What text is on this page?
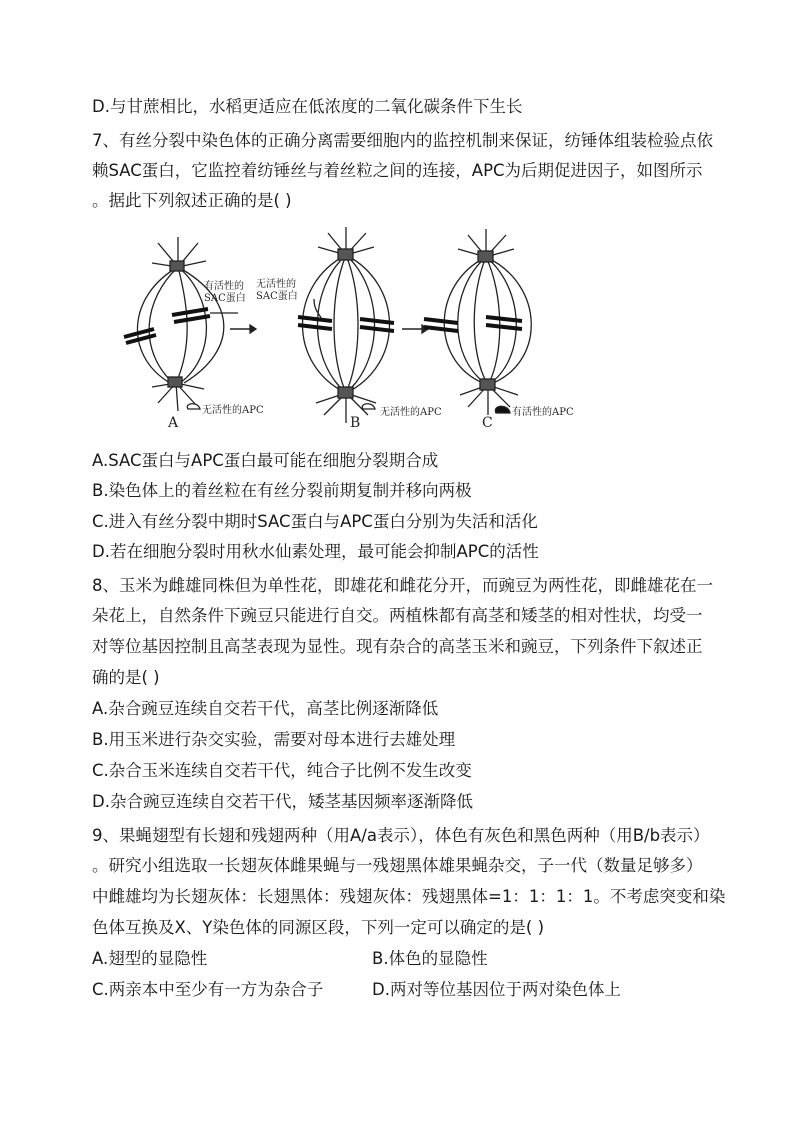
D.与甘蔗相比，水稻更适应在低浓度的二氧化碳条件下生长
7、有丝分裂中染色体的正确分离需要细胞内的监控机制来保证，纺锤体组装检验点依
赖SAC蛋白，它监控着纺锤丝与着丝粒之间的连接，APC为后期促进因子，如图所示
。据此下列叙述正确的是( )
有活性的
SAC蛋白
无活性的
SAC蛋白
无活性的APC	无活性的APC	有活性的APC
A	B	C
A.SAC蛋白与APC蛋白最可能在细胞分裂期合成
B.染色体上的着丝粒在有丝分裂前期复制并移向两极
C.进入有丝分裂中期时SAC蛋白与APC蛋白分别为失活和活化
D.若在细胞分裂时用秋水仙素处理，最可能会抑制APC的活性
8、玉米为雌雄同株但为单性花，即雄花和雌花分开，而豌豆为两性花，即雌雄花在一
朵花上，自然条件下豌豆只能进行自交。两植株都有高茎和矮茎的相对性状，均受一
对等位基因控制且高茎表现为显性。现有杂合的高茎玉米和豌豆，下列条件下叙述正
确的是( )
A.杂合豌豆连续自交若干代，高茎比例逐渐降低
B.用玉米进行杂交实验，需要对母本进行去雄处理
C.杂合玉米连续自交若干代，纯合子比例不发生改变
D.杂合豌豆连续自交若干代，矮茎基因频率逐渐降低
9、果蝇翅型有长翅和残翅两种（用A/a表示），体色有灰色和黑色两种（用B/b表示）
。研究小组选取一长翅灰体雌果蝇与一残翅黑体雄果蝇杂交，子一代（数量足够多）
中雌雄均为长翅灰体：长翅黑体：残翅灰体：残翅黑体=1：1：1：1。不考虑突变和染
色体互换及X、Y染色体的同源区段，下列一定可以确定的是( )
A.翅型的显隐性	B.体色的显隐性
C.两亲本中至少有一方为杂合子	D.两对等位基因位于两对染色体上
